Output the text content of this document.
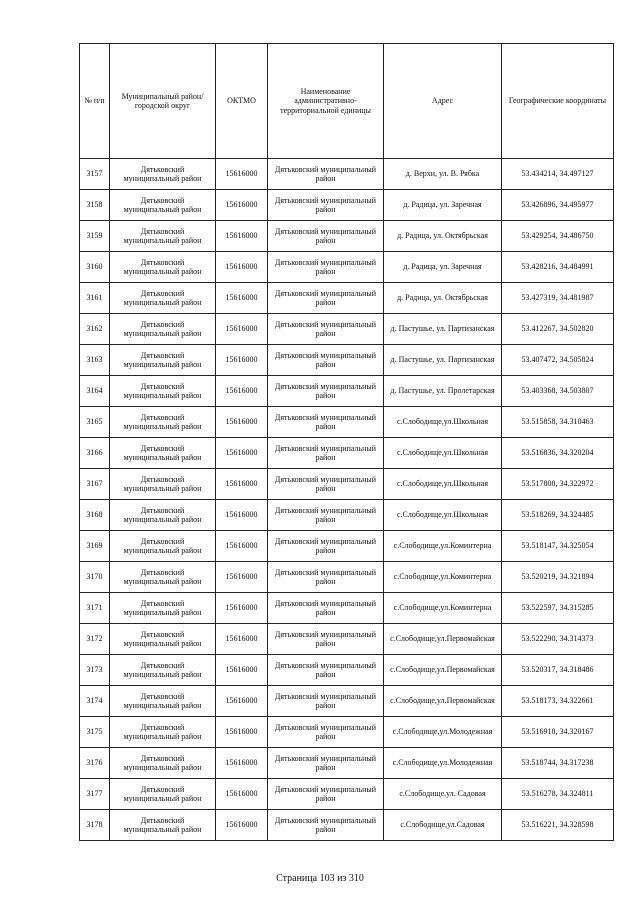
№ п/п	Муниципальный район/городской округ	ОКТМО	Наименование административно-территориальной единицы	Адрес	Географические координаты
3157	Дятьковский муниципальный район	15616000	Дятьковский муниципальный район	д. Верхи, ул. В. Рябка	53.434214, 34.497127
3158	Дятьковский муниципальный район	15616000	Дятьковский муниципальный район	д. Радица, ул. Заречная	53.426896, 34.495977
3159	Дятьковский муниципальный район	15616000	Дятьковский муниципальный район	д. Радица, ул. Октябрьская	53.429254, 34.486750
3160	Дятьковский муниципальный район	15616000	Дятьковский муниципальный район	д. Радица, ул. Заречная	53.428216, 34.484991
3161	Дятьковский муниципальный район	15616000	Дятьковский муниципальный район	д. Радица, ул. Октябрьская	53.427319, 34.481987
3162	Дятьковский муниципальный район	15616000	Дятьковский муниципальный район	д. Пастушье, ул. Партизанская	53.412267, 34.502820
3163	Дятьковский муниципальный район	15616000	Дятьковский муниципальный район	д. Пастушье, ул. Партизанская	53.407472, 34.505824
3164	Дятьковский муниципальный район	15616000	Дятьковский муниципальный район	д. Пастушье, ул. Пролетарская	53.403368, 34.503807
3165	Дятьковский муниципальный район	15616000	Дятьковский муниципальный район	с.Слободище,ул.Школьная	53.515858, 34.310463
3166	Дятьковский муниципальный район	15616000	Дятьковский муниципальный район	с.Слободище,ул.Школьная	53.516836, 34.320204
3167	Дятьковский муниципальный район	15616000	Дятьковский муниципальный район	с.Слободище,ул.Школьная	53.517808, 34.322972
3168	Дятьковский муниципальный район	15616000	Дятьковский муниципальный район	с.Слободище,ул.Школьная	53.518269, 34.324485
3169	Дятьковский муниципальный район	15616000	Дятьковский муниципальный район	с.Слободище,ул.Коминтерна	53.518147, 34.325054
3170	Дятьковский муниципальный район	15616000	Дятьковский муниципальный район	с.Слободище,ул.Коминтерна	53.520219, 34.321894
3171	Дятьковский муниципальный район	15616000	Дятьковский муниципальный район	с.Слободище,ул.Коминтерна	53.522597, 34.315285
3172	Дятьковский муниципальный район	15616000	Дятьковский муниципальный район	с.Слободище,ул.Первомайская	53.522290, 34.314373
3173	Дятьковский муниципальный район	15616000	Дятьковский муниципальный район	с.Слободище,ул.Первомайская	53.520317, 34.318486
3174	Дятьковский муниципальный район	15616000	Дятьковский муниципальный район	с.Слободище,ул.Первомайская	53.518173, 34.322661
3175	Дятьковский муниципальный район	15616000	Дятьковский муниципальный район	с.Слободище,ул.Молодежная	53.516918, 34.320167
3176	Дятьковский муниципальный район	15616000	Дятьковский муниципальный район	с.Слободище,ул.Молодежная	53.518744, 34.317238
3177	Дятьковский муниципальный район	15616000	Дятьковский муниципальный район	с.Слободище,ул. Садовая	53.516278, 34.324811
3178	Дятьковский муниципальный район	15616000	Дятьковский муниципальный район	с.Слободище,ул.Садовая	53.516221, 34.328598
Страница 103 из 310
